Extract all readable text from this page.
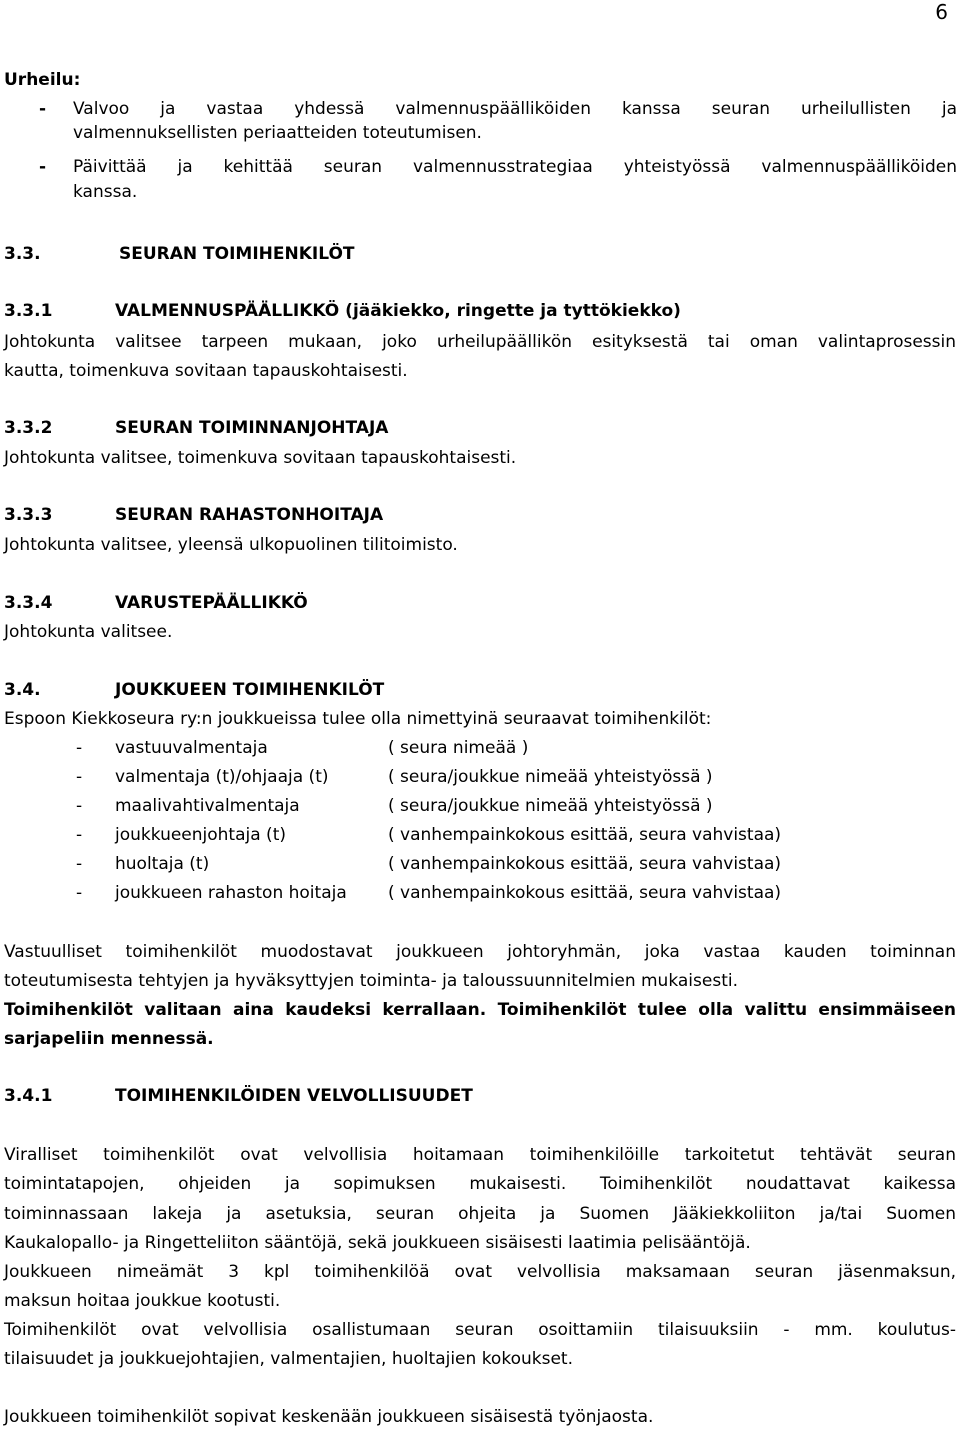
6
Urheilu:
- Valvoo ja vastaa yhdessä valmennuspäälliköiden kanssa seuran urheilullisten ja
valmennuksellisten periaatteiden toteutumisen.
- Päivittää ja kehittää seuran valmennusstrategiaa yhteistyössä valmennuspäälliköiden
kanssa.
3.3.	SEURAN TOIMIHENKILÖT
3.3.1	VALMENNUSPÄÄLLIKKÖ (jääkiekko, ringette ja tyttökiekko)
Johtokunta valitsee tarpeen mukaan, joko urheilupäällikön esityksestä tai oman valintaprosessin
kautta, toimenkuva sovitaan tapauskohtaisesti.
3.3.2	SEURAN TOIMINNANJOHTAJA
Johtokunta valitsee, toimenkuva sovitaan tapauskohtaisesti.
3.3.3	SEURAN RAHASTONHOITAJA
Johtokunta valitsee, yleensä ulkopuolinen tilitoimisto.
3.3.4	VARUSTEPÄÄLLIKKÖ
Johtokunta valitsee.
3.4.	JOUKKUEEN TOIMIHENKILÖT
Espoon Kiekkoseura ry:n joukkueissa tulee olla nimettyinä seuraavat toimihenkilöt:
- vastuuvalmentaja	( seura nimeää )
- valmentaja (t)/ohjaaja (t)	( seura/joukkue nimeää yhteistyössä )
- maalivahtivalmentaja	( seura/joukkue nimeää yhteistyössä )
- joukkueenjohtaja (t)	( vanhempainkokous esittää, seura vahvistaa)
- huoltaja (t)	( vanhempainkokous esittää, seura vahvistaa)
- joukkueen rahaston hoitaja ( vanhempainkokous esittää, seura vahvistaa)
Vastuulliset toimihenkilöt muodostavat joukkueen johtoryhmän, joka vastaa kauden toiminnan
toteutumisesta tehtyjen ja hyväksyttyjen toiminta- ja taloussuunnitelmien mukaisesti.
Toimihenkilöt valitaan aina kaudeksi kerrallaan. Toimihenkilöt tulee olla valittu ensimmäiseen
sarjapeliin mennessä.
3.4.1	TOIMIHENKILÖIDEN VELVOLLISUUDET
Viralliset toimihenkilöt ovat velvollisia hoitamaan toimihenkilöille tarkoitetut tehtävät seuran
toimintatapojen, ohjeiden ja sopimuksen mukaisesti. Toimihenkilöt noudattavat kaikessa
toiminnassaan lakeja ja asetuksia, seuran ohjeita ja Suomen Jääkiekkoliiton ja/tai Suomen
Kaukalopallo- ja Ringetteliiton sääntöjä, sekä joukkueen sisäisesti laatimia pelisääntöjä.
Joukkueen nimeämät 3 kpl toimihenkilöä ovat velvollisia maksamaan seuran jäsenmaksun,
maksun hoitaa joukkue kootusti.
Toimihenkilöt ovat velvollisia osallistumaan seuran osoittamiin tilaisuuksiin - mm. koulutus-
tilaisuudet ja joukkuejohtajien, valmentajien, huoltajien kokoukset.
Joukkueen toimihenkilöt sopivat keskenään joukkueen sisäisestä työnjaosta.
